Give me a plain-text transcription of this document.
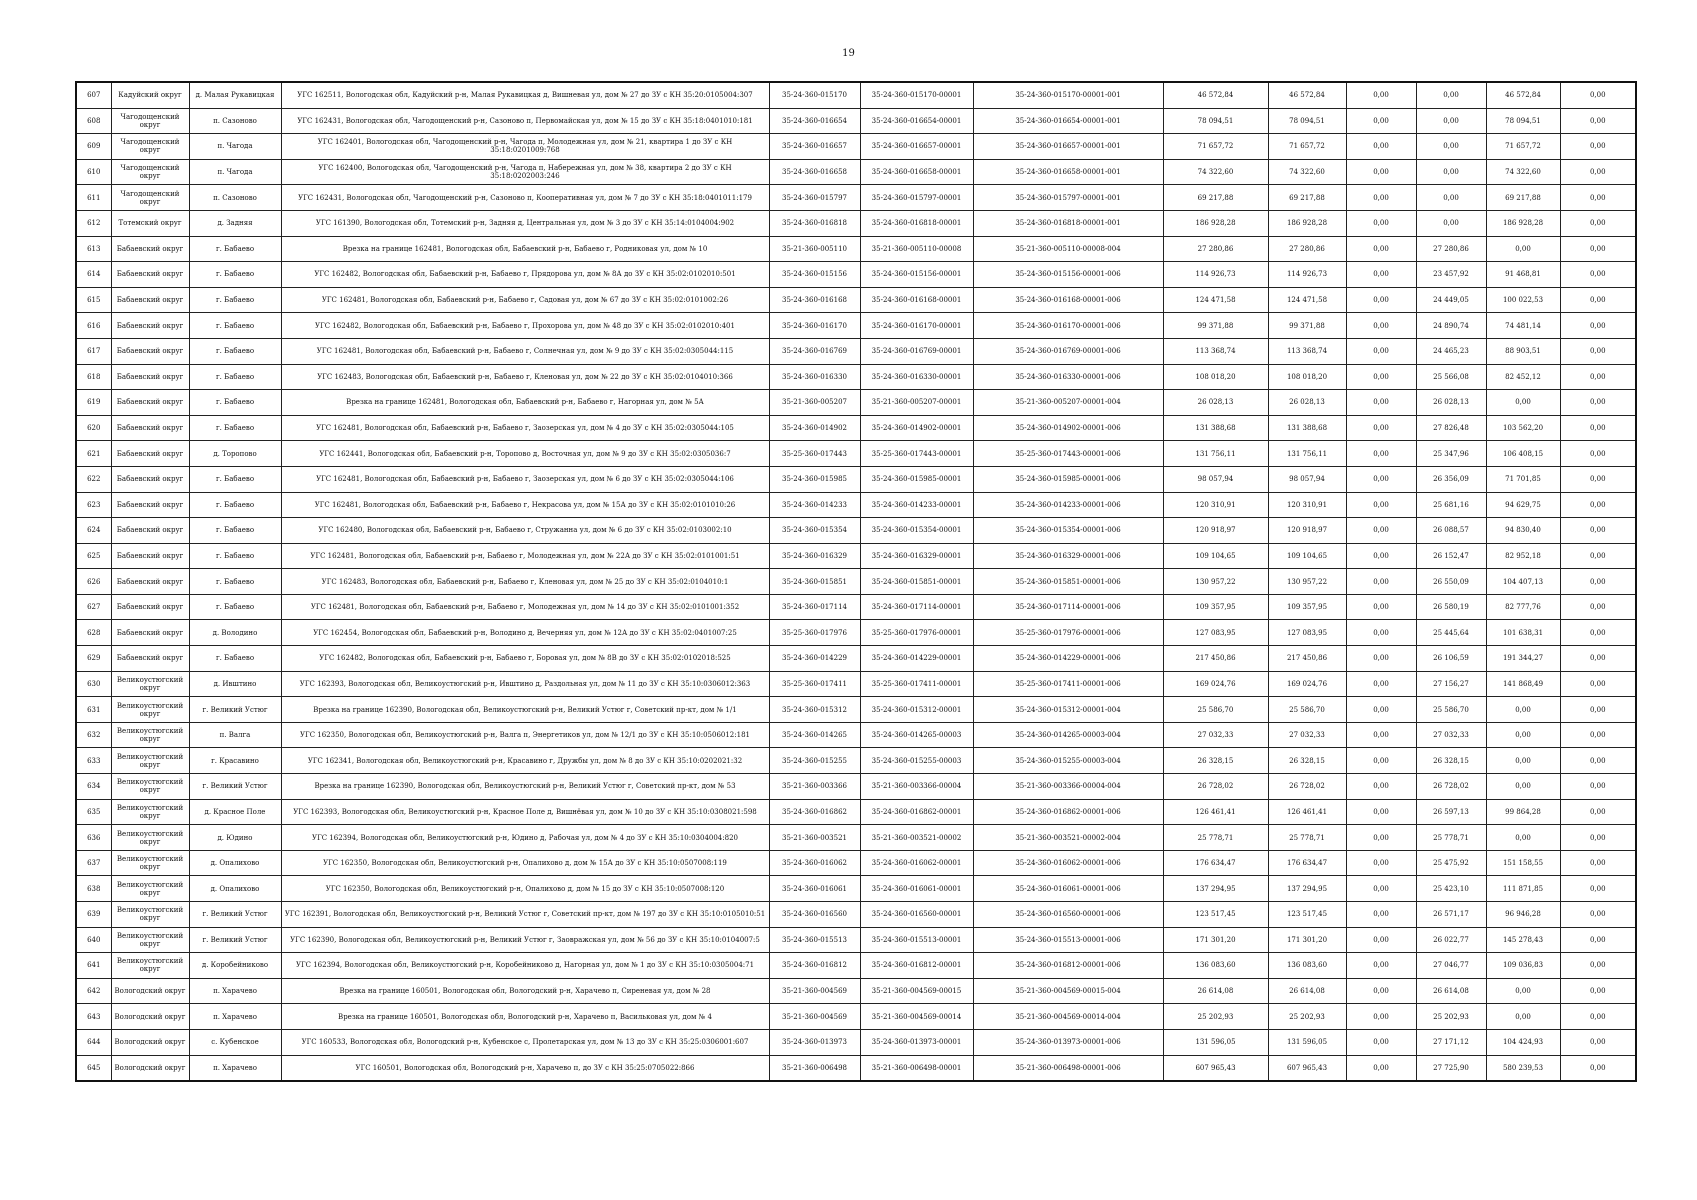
19
607	Кадуйский округ	д. Малая Рукавицкая	УГС 162511, Вологодская обл, Кадуйский р-н, Малая Рукавицкая д, Вишневая ул, дом № 27 до ЗУ с КН 35:20:0105004:307	35-24-360-015170	35-24-360-015170-00001	35-24-360-015170-00001-001	46 572,84	46 572,84	0,00	0,00	46 572,84	0,00
608	Чагодощенский округ	п. Сазоново	УГС 162431, Вологодская обл, Чагодощенский р-н, Сазоново п, Первомайская ул, дом № 15 до ЗУ с КН 35:18:0401010:181	35-24-360-016654	35-24-360-016654-00001	35-24-360-016654-00001-001	78 094,51	78 094,51	0,00	0,00	78 094,51	0,00
609	Чагодощенский округ	п. Чагода	УГС 162401, Вологодская обл, Чагодощенский р-н, Чагода п, Молодежная ул, дом № 21, квартира 1 до ЗУ с КН 35:18:0201009:768	35-24-360-016657	35-24-360-016657-00001	35-24-360-016657-00001-001	71 657,72	71 657,72	0,00	0,00	71 657,72	0,00
610	Чагодощенский округ	п. Чагода	УГС 162400, Вологодская обл, Чагодощенский р-н, Чагода п, Набережная ул, дом № 38, квартира 2 до ЗУ с КН 35:18:0202003:246	35-24-360-016658	35-24-360-016658-00001	35-24-360-016658-00001-001	74 322,60	74 322,60	0,00	0,00	74 322,60	0,00
611	Чагодощенский округ	п. Сазоново	УГС 162431, Вологодская обл, Чагодощенский р-н, Сазоново п, Кооперативная ул, дом № 7 до ЗУ с КН 35:18:0401011:179	35-24-360-015797	35-24-360-015797-00001	35-24-360-015797-00001-001	69 217,88	69 217,88	0,00	0,00	69 217,88	0,00
612	Тотемский округ	д. Задняя	УГС 161390, Вологодская обл, Тотемский р-н, Задняя д, Центральная ул, дом № 3 до ЗУ с КН 35:14:0104004:902	35-24-360-016818	35-24-360-016818-00001	35-24-360-016818-00001-001	186 928,28	186 928,28	0,00	0,00	186 928,28	0,00
613	Бабаевский округ	г. Бабаево	Врезка на границе 162481, Вологодская обл, Бабаевский р-н, Бабаево г, Родниковая ул, дом № 10	35-21-360-005110	35-21-360-005110-00008	35-21-360-005110-00008-004	27 280,86	27 280,86	0,00	27 280,86	0,00	0,00
614	Бабаевский округ	г. Бабаево	УГС 162482, Вологодская обл, Бабаевский р-н, Бабаево г, Прядорова ул, дом № 8А до ЗУ с КН 35:02:0102010:501	35-24-360-015156	35-24-360-015156-00001	35-24-360-015156-00001-006	114 926,73	114 926,73	0,00	23 457,92	91 468,81	0,00
615	Бабаевский округ	г. Бабаево	УГС 162481, Вологодская обл, Бабаевский р-н, Бабаево г, Садовая ул, дом № 67 до ЗУ с КН 35:02:0101002:26	35-24-360-016168	35-24-360-016168-00001	35-24-360-016168-00001-006	124 471,58	124 471,58	0,00	24 449,05	100 022,53	0,00
616	Бабаевский округ	г. Бабаево	УГС 162482, Вологодская обл, Бабаевский р-н, Бабаево г, Прохорова ул, дом № 48 до ЗУ с КН 35:02:0102010:401	35-24-360-016170	35-24-360-016170-00001	35-24-360-016170-00001-006	99 371,88	99 371,88	0,00	24 890,74	74 481,14	0,00
617	Бабаевский округ	г. Бабаево	УГС 162481, Вологодская обл, Бабаевский р-н, Бабаево г, Солнечная ул, дом № 9 до ЗУ с КН 35:02:0305044:115	35-24-360-016769	35-24-360-016769-00001	35-24-360-016769-00001-006	113 368,74	113 368,74	0,00	24 465,23	88 903,51	0,00
618	Бабаевский округ	г. Бабаево	УГС 162483, Вологодская обл, Бабаевский р-н, Бабаево г, Кленовая ул, дом № 22 до ЗУ с КН 35:02:0104010:366	35-24-360-016330	35-24-360-016330-00001	35-24-360-016330-00001-006	108 018,20	108 018,20	0,00	25 566,08	82 452,12	0,00
619	Бабаевский округ	г. Бабаево	Врезка на границе 162481, Вологодская обл, Бабаевский р-н, Бабаево г, Нагорная ул, дом № 5А	35-21-360-005207	35-21-360-005207-00001	35-21-360-005207-00001-004	26 028,13	26 028,13	0,00	26 028,13	0,00	0,00
620	Бабаевский округ	г. Бабаево	УГС 162481, Вологодская обл, Бабаевский р-н, Бабаево г, Заозерская ул, дом № 4 до ЗУ с КН 35:02:0305044:105	35-24-360-014902	35-24-360-014902-00001	35-24-360-014902-00001-006	131 388,68	131 388,68	0,00	27 826,48	103 562,20	0,00
621	Бабаевский округ	д. Торопово	УГС 162441, Вологодская обл, Бабаевский р-н, Торопово д, Восточная ул, дом № 9 до ЗУ с КН 35:02:0305036:7	35-25-360-017443	35-25-360-017443-00001	35-25-360-017443-00001-006	131 756,11	131 756,11	0,00	25 347,96	106 408,15	0,00
622	Бабаевский округ	г. Бабаево	УГС 162481, Вологодская обл, Бабаевский р-н, Бабаево г, Заозерская ул, дом № 6 до ЗУ с КН 35:02:0305044:106	35-24-360-015985	35-24-360-015985-00001	35-24-360-015985-00001-006	98 057,94	98 057,94	0,00	26 356,09	71 701,85	0,00
623	Бабаевский округ	г. Бабаево	УГС 162481, Вологодская обл, Бабаевский р-н, Бабаево г, Некрасова ул, дом № 15А до ЗУ с КН 35:02:0101010:26	35-24-360-014233	35-24-360-014233-00001	35-24-360-014233-00001-006	120 310,91	120 310,91	0,00	25 681,16	94 629,75	0,00
624	Бабаевский округ	г. Бабаево	УГС 162480, Вологодская обл, Бабаевский р-н, Бабаево г, Стружанна ул, дом № 6 до ЗУ с КН 35:02:0103002:10	35-24-360-015354	35-24-360-015354-00001	35-24-360-015354-00001-006	120 918,97	120 918,97	0,00	26 088,57	94 830,40	0,00
625	Бабаевский округ	г. Бабаево	УГС 162481, Вологодская обл, Бабаевский р-н, Бабаево г, Молодежная ул, дом № 22А до ЗУ с КН 35:02:0101001:51	35-24-360-016329	35-24-360-016329-00001	35-24-360-016329-00001-006	109 104,65	109 104,65	0,00	26 152,47	82 952,18	0,00
626	Бабаевский округ	г. Бабаево	УГС 162483, Вологодская обл, Бабаевский р-н, Бабаево г, Кленовая ул, дом № 25 до ЗУ с КН 35:02:0104010:1	35-24-360-015851	35-24-360-015851-00001	35-24-360-015851-00001-006	130 957,22	130 957,22	0,00	26 550,09	104 407,13	0,00
627	Бабаевский округ	г. Бабаево	УГС 162481, Вологодская обл, Бабаевский р-н, Бабаево г, Молодежная ул, дом № 14 до ЗУ с КН 35:02:0101001:352	35-24-360-017114	35-24-360-017114-00001	35-24-360-017114-00001-006	109 357,95	109 357,95	0,00	26 580,19	82 777,76	0,00
628	Бабаевский округ	д. Володино	УГС 162454, Вологодская обл, Бабаевский р-н, Володино д, Вечерняя ул, дом № 12А до ЗУ с КН 35:02:0401007:25	35-25-360-017976	35-25-360-017976-00001	35-25-360-017976-00001-006	127 083,95	127 083,95	0,00	25 445,64	101 638,31	0,00
629	Бабаевский округ	г. Бабаево	УГС 162482, Вологодская обл, Бабаевский р-н, Бабаево г, Боровая ул, дом № 8В до ЗУ с КН 35:02:0102018:525	35-24-360-014229	35-24-360-014229-00001	35-24-360-014229-00001-006	217 450,86	217 450,86	0,00	26 106,59	191 344,27	0,00
630	Великоустюгский округ	д. Ивштино	УГС 162393, Вологодская обл, Великоустюгский р-н, Ивштино д, Раздольная ул, дом № 11 до ЗУ с КН 35:10:0306012:363	35-25-360-017411	35-25-360-017411-00001	35-25-360-017411-00001-006	169 024,76	169 024,76	0,00	27 156,27	141 868,49	0,00
631	Великоустюгский округ	г. Великий Устюг	Врезка на границе 162390, Вологодская обл, Великоустюгский р-н, Великий Устюг г, Советский пр-кт, дом № 1/1	35-24-360-015312	35-24-360-015312-00001	35-24-360-015312-00001-004	25 586,70	25 586,70	0,00	25 586,70	0,00	0,00
632	Великоустюгский округ	п. Валга	УГС 162350, Вологодская обл, Великоустюгский р-н, Валга п, Энергетиков ул, дом № 12/1 до ЗУ с КН 35:10:0506012:181	35-24-360-014265	35-24-360-014265-00003	35-24-360-014265-00003-004	27 032,33	27 032,33	0,00	27 032,33	0,00	0,00
633	Великоустюгский округ	г. Красавино	УГС 162341, Вологодская обл, Великоустюгский р-н, Красавино г, Дружбы ул, дом № 8 до ЗУ с КН 35:10:0202021:32	35-24-360-015255	35-24-360-015255-00003	35-24-360-015255-00003-004	26 328,15	26 328,15	0,00	26 328,15	0,00	0,00
634	Великоустюгский округ	г. Великий Устюг	Врезка на границе 162390, Вологодская обл, Великоустюгский р-н, Великий Устюг г, Советский пр-кт, дом № 53	35-21-360-003366	35-21-360-003366-00004	35-21-360-003366-00004-004	26 728,02	26 728,02	0,00	26 728,02	0,00	0,00
635	Великоустюгский округ	д. Красное Поле	УГС 162393, Вологодская обл, Великоустюгский р-н, Красное Поле д, Вишнёвая ул, дом № 10 до ЗУ с КН 35:10:0308021:598	35-24-360-016862	35-24-360-016862-00001	35-24-360-016862-00001-006	126 461,41	126 461,41	0,00	26 597,13	99 864,28	0,00
636	Великоустюгский округ	д. Юдино	УГС 162394, Вологодская обл, Великоустюгский р-н, Юдино д, Рабочая ул, дом № 4 до ЗУ с КН 35:10:0304004:820	35-21-360-003521	35-21-360-003521-00002	35-21-360-003521-00002-004	25 778,71	25 778,71	0,00	25 778,71	0,00	0,00
637	Великоустюгский округ	д. Опалихово	УГС 162350, Вологодская обл, Великоустюгский р-н, Опалихово д, дом № 15А до ЗУ с КН 35:10:0507008:119	35-24-360-016062	35-24-360-016062-00001	35-24-360-016062-00001-006	176 634,47	176 634,47	0,00	25 475,92	151 158,55	0,00
638	Великоустюгский округ	д. Опалихово	УГС 162350, Вологодская обл, Великоустюгский р-н, Опалихово д, дом № 15 до ЗУ с КН 35:10:0507008:120	35-24-360-016061	35-24-360-016061-00001	35-24-360-016061-00001-006	137 294,95	137 294,95	0,00	25 423,10	111 871,85	0,00
639	Великоустюгский округ	г. Великий Устюг	УГС 162391, Вологодская обл, Великоустюгский р-н, Великий Устюг г, Советский пр-кт, дом № 197 до ЗУ с КН 35:10:0105010:51	35-24-360-016560	35-24-360-016560-00001	35-24-360-016560-00001-006	123 517,45	123 517,45	0,00	26 571,17	96 946,28	0,00
640	Великоустюгский округ	г. Великий Устюг	УГС 162390, Вологодская обл, Великоустюгский р-н, Великий Устюг г, Заовражская ул, дом № 56 до ЗУ с КН 35:10:0104007:5	35-24-360-015513	35-24-360-015513-00001	35-24-360-015513-00001-006	171 301,20	171 301,20	0,00	26 022,77	145 278,43	0,00
641	Великоустюгский округ	д. Коробейниково	УГС 162394, Вологодская обл, Великоустюгский р-н, Коробейниково д, Нагорная ул, дом № 1 до ЗУ с КН 35:10:0305004:71	35-24-360-016812	35-24-360-016812-00001	35-24-360-016812-00001-006	136 083,60	136 083,60	0,00	27 046,77	109 036,83	0,00
642	Вологодский округ	п. Харачево	Врезка на границе 160501, Вологодская обл, Вологодский р-н, Харачево п, Сиреневая ул, дом № 28	35-21-360-004569	35-21-360-004569-00015	35-21-360-004569-00015-004	26 614,08	26 614,08	0,00	26 614,08	0,00	0,00
643	Вологодский округ	п. Харачево	Врезка на границе 160501, Вологодская обл, Вологодский р-н, Харачево п, Васильковая ул, дом № 4	35-21-360-004569	35-21-360-004569-00014	35-21-360-004569-00014-004	25 202,93	25 202,93	0,00	25 202,93	0,00	0,00
644	Вологодский округ	с. Кубенское	УГС 160533, Вологодская обл, Вологодский р-н, Кубенское с, Пролетарская ул, дом № 13 до ЗУ с КН 35:25:0306001:607	35-24-360-013973	35-24-360-013973-00001	35-24-360-013973-00001-006	131 596,05	131 596,05	0,00	27 171,12	104 424,93	0,00
645	Вологодский округ	п. Харачево	УГС 160501, Вологодская обл, Вологодский р-н, Харачево п, до ЗУ с КН 35:25:0705022:866	35-21-360-006498	35-21-360-006498-00001	35-21-360-006498-00001-006	607 965,43	607 965,43	0,00	27 725,90	580 239,53	0,00
